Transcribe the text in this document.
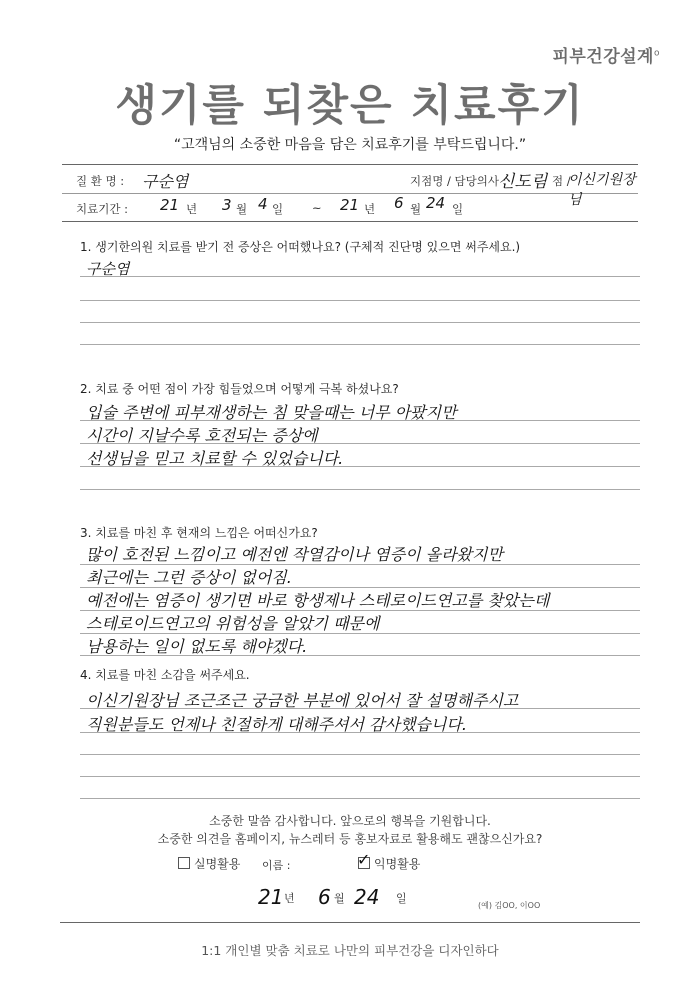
피부건강설계$^o$
생기를 되찾은 치료후기
“고객님의 소중한 마음을 담은 치료후기를 부탁드립니다.”
질 환 명 : 구순염	지점명 / 담당의사 :
신도림 점 /
이신기원장님
치료기간 : 21 년 3 월 4 일	~ 21 년 6 월 24 일
1. 생기한의원 치료를 받기 전 증상은 어떠했나요? (구체적 진단명 있으면 써주세요.)
구순염
2. 치료 중 어떤 점이 가장 힘들었으며 어떻게 극복 하셨나요?
입술 주변에 피부재생하는 침 맞을때는 너무 아팠지만
시간이 지날수록 호전되는 증상에
선생님을 믿고 치료할 수 있었습니다.
3. 치료를 마친 후 현재의 느낌은 어떠신가요?
많이 호전된 느낌이고 예전엔 작열감이나 염증이 올라왔지만
최근에는 그런 증상이 없어짐.
예전에는 염증이 생기면 바로 항생제나 스테로이드연고를 찾았는데
스테로이드연고의 위험성을 알았기 때문에
남용하는 일이 없도록 해야겠다.
4. 치료를 마친 소감을 써주세요.
이신기원장님 조근조근 궁금한 부분에 있어서 잘 설명해주시고
직원분들도 언제나 친절하게 대해주셔서 감사했습니다.
소중한 말씀 감사합니다. 앞으로의 행복을 기원합니다.
소중한 의견을 홈페이지, 뉴스레터 등 홍보자료로 활용해도 괜찮으신가요?
실명활용 이름 :	✓ 익명활용
21 년 6 월 24 일
(예) 김OO, 이OO
1:1 개인별 맞춤 치료로 나만의 피부건강을 디자인하다
